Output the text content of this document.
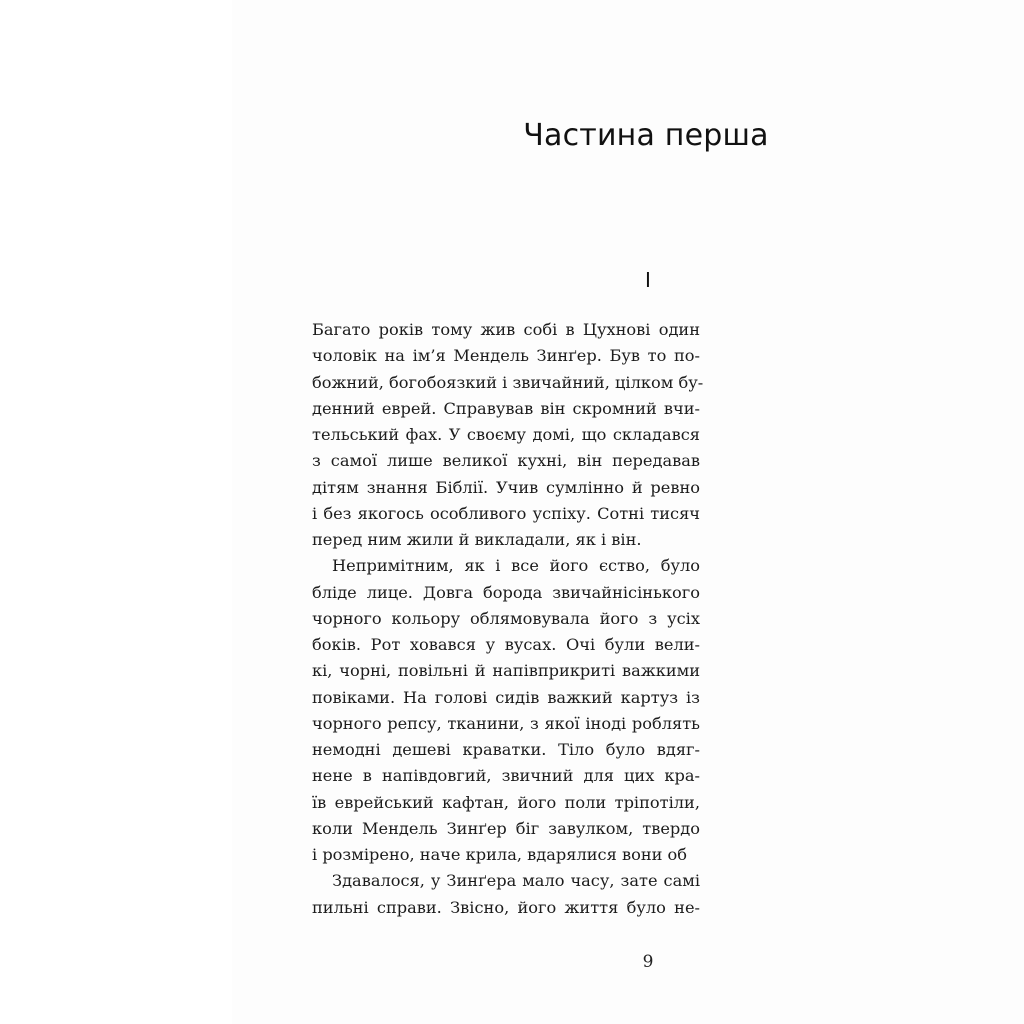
Частина перша
I
Багато років тому жив собі в Цухнові один
чоловік на ім’я Мендель Зинґер. Був то по-
божний, богобоязкий і звичайний, цілком бу-
денний еврей. Справував він скромний вчи-
тельський фах. У своєму домі, що складався
з самої лише великої кухні, він передавав
дітям знання Біблії. Учив сумлінно й ревно
і без якогось особливого успіху. Сотні тисяч
перед ним жили й викладали, як і він.
Непримітним, як і все його єство, було
бліде лице. Довга борода звичайнісінького
чорного кольору облямовувала його з усіх
боків. Рот ховався у вусах. Очі були вели-
кі, чорні, повільні й напівприкриті важкими
повіками. На голові сидів важкий картуз із
чорного репсу, тканини, з якої іноді роблять
немодні дешеві краватки. Тіло було вдяг-
нене в напівдовгий, звичний для цих кра-
їв еврейський кафтан, його поли тріпотіли,
коли Мендель Зинґер біг завулком, твердо
і розмірено, наче крила, вдарялися вони об
Здавалося, у Зинґера мало часу, зате самі
пильні справи. Звісно, його життя було не-
9
